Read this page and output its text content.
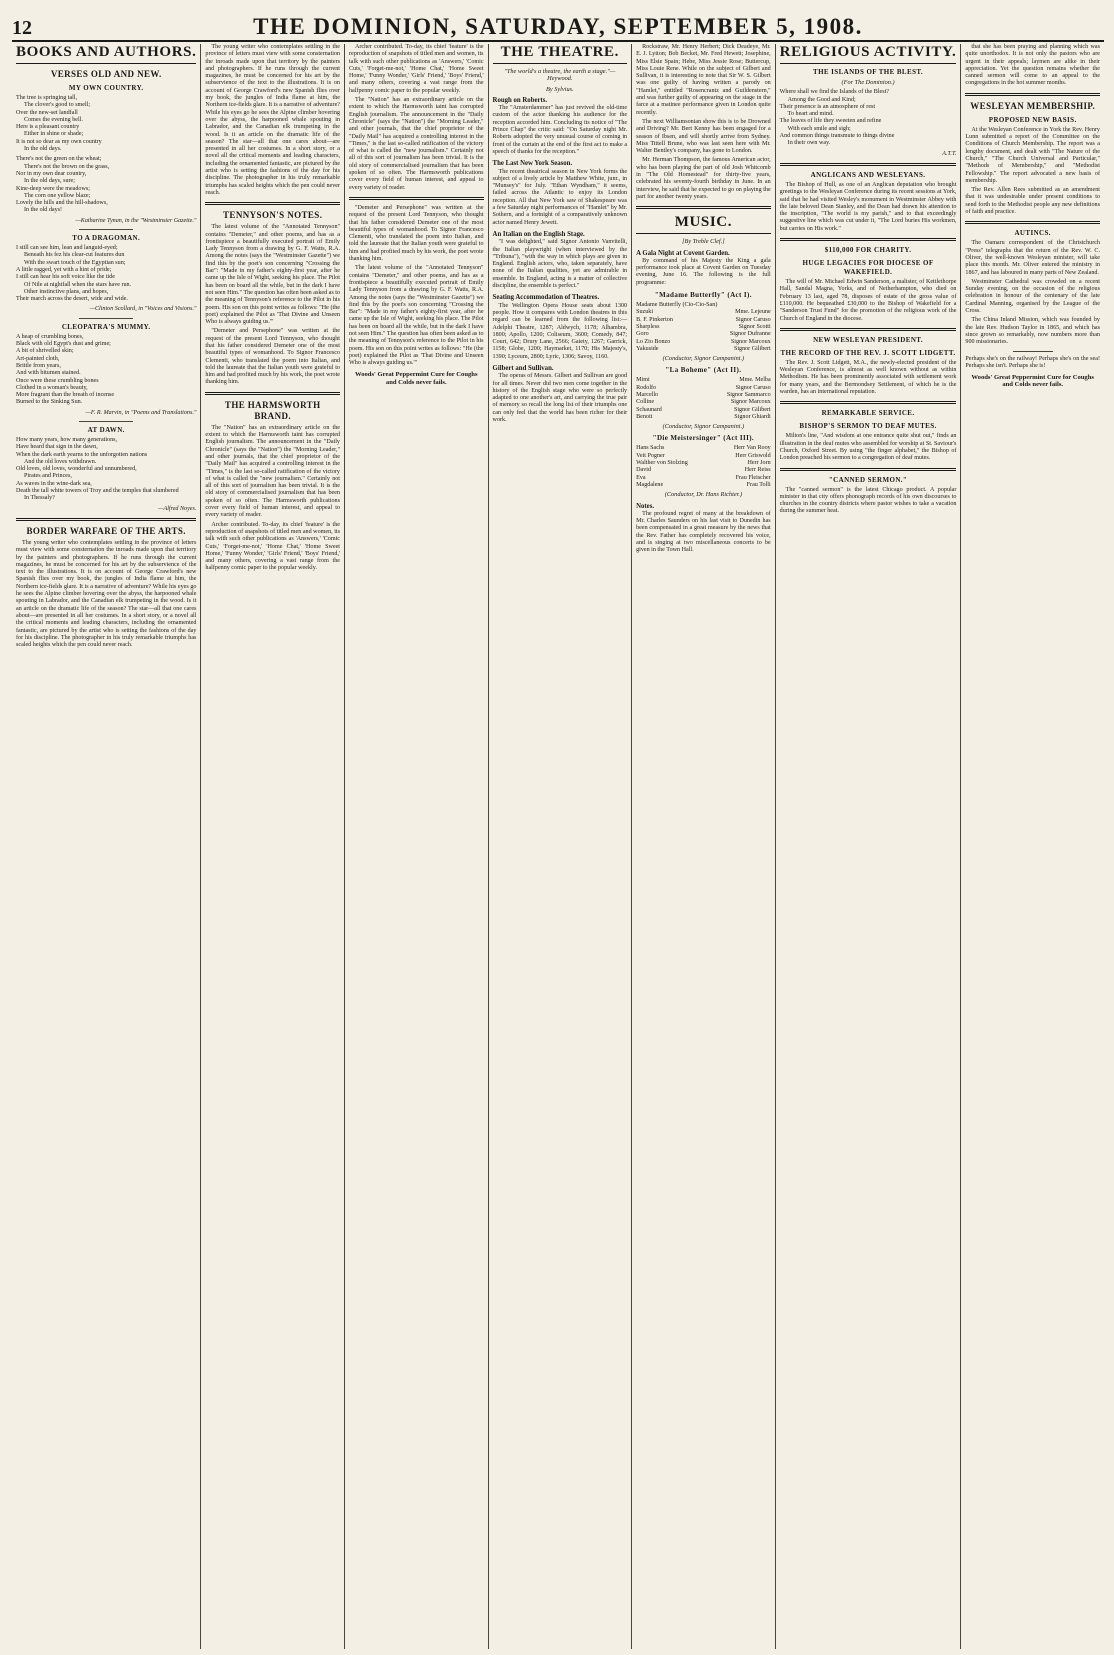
12	THE DOMINION, SATURDAY, SEPTEMBER 5, 1908.
BOOKS AND AUTHORS.
VERSES OLD AND NEW.
MY OWN COUNTRY.

The tree is springing tall,

The clover's good to smell;

Over the new-set landfall

Comes the evening bell.

Here is a pleasant country

Either in shine or shade;

It is not so dear as my own country

In the old days.

There's not the green on the wheat;

There's not the brown on the grass,

Nor in my own dear country,

In the old days, sure;

Kine-deep were the meadows;

The corn one yellow blaze;

Lovely the hills and the hill-shadows,

In the old days!

—Katharine Tynan, in the "Westminster Gazette."
TO A DRAGOMAN.

I still can see him, lean and languid-eyed;

Beneath his fez his clear-cut features dun

With the swart touch of the Egyptian sun;

A little ragged, yet with a hint of pride;

I still can hear his soft voice like the tide

Of Nile at nightfall when the stars have run.

Other instinctive plans, and hopes,

Their march across the desert, wide and wide.

—Clinton Scollard, in "Voices and Visions."
CLEOPATRA'S MUMMY.

A heap of crumbling bones,

Black with old Egypt's dust and grime;

A bit of shrivelled skin;

Art-painted cloth,

Brittle from years,

And with bitumen stained.

Once were these crumbling bones

Clothed in a woman's beauty,

More fragrant than the breath of incense

Burned to the Sinking Sun.

—F. R. Marvin, in "Poems and Translations."
AT DAWN.

How many years, how many generations,

Have heard that sign in the dawn,

When the dark earth yearns to the unforgotten nations

And the old loves withdrawn.

Old loves, old loves, wonderful and unnumbered,

Pirates and Princes,

As waves in the wine-dark sea,

Death the tall white towers of Troy and the temples that slumbered

In Thessaly?

—Alfred Noyes.
BORDER WARFARE OF THE ARTS.

The young writer who contemplates settling in the province of letters must view with some consternation the inroads made upon that territory by the painters and photographers. If he runs through the current magazines, he must be concerned for his art by the subservience of the text to the illustrations. It is on account of George Crawford's new Spanish flies over my book, the jungles of India flame at him, the Northern ice-fields glare. It is a narrative of adventure? While his eyes go he sees the Alpine climber hovering over the abyss, the harpooned whale spouting in Labrador, and the Canadian elk trumpeting in the wood. Is it an article on the dramatic life of the season? The star—all that one cares about—are presented in all her costumes. In a short story, or a novel all the critical moments and leading characters, including the ornamented fantastic, are pictured by the artist who is setting the fashions of the day for his discipline. The photographer in his truly remarkable triumphs has scaled heights which the pen could never reach.

The young writer who contemplates settling in the province of letters must view with some consternation the inroads made upon that territory by the painters and photographers. If he runs through the current magazines, he must be concerned for his art by the subservience of the text to the illustrations. It is on account of George Crawford's new Spanish flies over my book, the jungles of India flame at him, the Northern ice-fields glare. It is a narrative of adventure? While his eyes go he sees the Alpine climber hovering over the abyss, the harpooned whale spouting in Labrador, and the Canadian elk trumpeting in the wood. Is it an article on the dramatic life of the season? The star—all that one cares about—are presented in all her costumes. In a short story, or a novel all the critical moments and leading characters, including the ornamented fantastic, are pictured by the artist who is setting the fashions of the day for his discipline. The photographer in his truly remarkable triumphs has scaled heights which the pen could never reach.

TENNYSON'S NOTES.

The latest volume of the "Annotated Tennyson" contains "Demeter," and other poems, and has as a frontispiece a beautifully executed portrait of Emily Lady Tennyson from a drawing by G. F. Watts, R.A. Among the notes (says the "Westminster Gazette") we find this by the poet's son concerning "Crossing the Bar": "Made in my father's eighty-first year, after he came up the Isle of Wight, seeking his place. The Pilot has been on board all the while, but in the dark I have not seen Him." The question has often been asked as to the meaning of Tennyson's reference to the Pilot in his poem. His son on this point writes as follows: "He (the poet) explained the Pilot as 'That Divine and Unseen Who is always guiding us.'"

"Demeter and Persephone" was written at the request of the present Lord Tennyson, who thought that his father considered Demeter one of the most beautiful types of womanhood. To Signor Francesco Clementi, who translated the poem into Italian, and told the laureate that the Italian youth were grateful to him and had profited much by his work, the poet wrote thanking him.

THE HARMSWORTH BRAND.

The "Nation" has an extraordinary article on the extent to which the Harmsworth taint has corrupted English journalism. The announcement in the "Daily Chronicle" (says the "Nation") the "Morning Leader," and other journals, that the chief proprietor of the "Daily Mail" has acquired a controlling interest in the "Times," is the last so-called ratification of the victory of what is called the "new journalism." Certainly not all of this sort of journalism has been trivial. It is the old story of commercialised journalism that has been spoken of so often. The Harmsworth publications cover every field of human interest, and appeal to every variety of reader.

Archer contributed. To-day, its chief 'feature' is the reproduction of snapshots of titled men and women, its talk with such other publications as 'Answers,' 'Comic Cuts,' 'Forget-me-not,' 'Home Chat,' 'Home Sweet Home,' 'Funny Wonder,' 'Girls' Friend,' 'Boys' Friend,' and many others, covering a vast range from the halfpenny comic paper to the popular weekly.

Archer contributed. To-day, its chief 'feature' is the reproduction of snapshots of titled men and women, its talk with such other publications as 'Answers,' 'Comic Cuts,' 'Forget-me-not,' 'Home Chat,' 'Home Sweet Home,' 'Funny Wonder,' 'Girls' Friend,' 'Boys' Friend,' and many others, covering a vast range from the halfpenny comic paper to the popular weekly.

The "Nation" has an extraordinary article on the extent to which the Harmsworth taint has corrupted English journalism. The announcement in the "Daily Chronicle" (says the "Nation") the "Morning Leader," and other journals, that the chief proprietor of the "Daily Mail" has acquired a controlling interest in the "Times," is the last so-called ratification of the victory of what is called the "new journalism." Certainly not all of this sort of journalism has been trivial. It is the old story of commercialised journalism that has been spoken of so often. The Harmsworth publications cover every field of human interest, and appeal to every variety of reader.

"Demeter and Persephone" was written at the request of the present Lord Tennyson, who thought that his father considered Demeter one of the most beautiful types of womanhood. To Signor Francesco Clementi, who translated the poem into Italian, and told the laureate that the Italian youth were grateful to him and had profited much by his work, the poet wrote thanking him.

The latest volume of the "Annotated Tennyson" contains "Demeter," and other poems, and has as a frontispiece a beautifully executed portrait of Emily Lady Tennyson from a drawing by G. F. Watts, R.A. Among the notes (says the "Westminster Gazette") we find this by the poet's son concerning "Crossing the Bar": "Made in my father's eighty-first year, after he came up the Isle of Wight, seeking his place. The Pilot has been on board all the while, but in the dark I have not seen Him." The question has often been asked as to the meaning of Tennyson's reference to the Pilot in his poem. His son on this point writes as follows: "He (the poet) explained the Pilot as 'That Divine and Unseen Who is always guiding us.'"

Woods' Great Peppermint Cure for Coughs and Colds never fails.
THE THEATRE.
"The world's a theatre, the earth a stage."—Heywood.
By Sylvius.
Rough on Roberts.

The "Amsterdammer" has just revived the old-time custom of the actor thanking his audience for the reception accorded him. Concluding its notice of "The Prince Chap" the critic said: "On Saturday night Mr. Roberts adopted the very unusual course of coming in front of the curtain at the end of the first act to make a speech of thanks for the reception."

The Last New York Season.

The recent theatrical season in New York forms the subject of a lively article by Matthew White, junr., in "Munsey's" for July. "Ethan Wyndham," it seems, failed across the Atlantic to enjoy its London reception. All that New York saw of Shakespeare was a few Saturday night performances of "Hamlet" by Mr. Sothern, and a fortnight of a comparatively unknown actor named Henry Jewett.

An Italian on the English Stage.

"I was delighted," said Signor Antonio Vanvitelli, the Italian playwright (when interviewed by the "Tribuna"), "with the way in which plays are given in England. English actors, who, taken separately, have none of the Italian qualities, yet are admirable in ensemble. In England, acting is a matter of collective discipline, the ensemble is perfect."

Seating Accommodation of Theatres.

The Wellington Opera House seats about 1300 people. How it compares with London theatres in this regard can be learned from the following list:—Adelphi Theatre, 1287; Aldwych, 1178; Alhambra, 1800; Apollo, 1200; Coliseum, 3600; Comedy, 847; Court, 642; Drury Lane, 2566; Gaiety, 1267; Garrick, 1158; Globe, 1200; Haymarket, 1170; His Majesty's, 1390; Lyceum, 2800; Lyric, 1306; Savoy, 1160.

Gilbert and Sullivan.

The operas of Messrs. Gilbert and Sullivan are good for all times. Never did two men come together in the history of the English stage who were so perfectly adapted to one another's art, and carrying the true pair of memory so recall the long list of their triumphs one can only feel that the world has been richer for their work.

Rockstraw, Mr. Henry Herbert; Dick Deadeye, Mr. E. J. Lytton; Bob Becket, Mr. Fred Hewett; Josephine, Miss Elsie Spain; Hebe, Miss Jessie Rose; Buttercup, Miss Louie Rene. While on the subject of Gilbert and Sullivan, it is interesting to note that Sir W. S. Gilbert was one guilty of having written a parody on "Hamlet," entitled "Rosencrantz and Guildenstern," and was further guilty of appearing on the stage in the farce at a matinee performance given in London quite recently.

The next Williamsonian show this is to be Drowned and Driving? Mr. Bert Kenny has been engaged for a season of Ibsen, and will shortly arrive from Sydney. Miss Tittell Brune, who was last seen here with Mr. Walter Bentley's company, has gone to London.

Mr. Herman Thompson, the famous American actor, who has been playing the part of old Josh Whitcomb in "The Old Homestead" for thirty-five years, celebrated his seventy-fourth birthday in June. In an interview, he said that he expected to go on playing the part for another twenty years.

MUSIC.
[By Treble Clef.]
A Gala Night at Covent Garden.

By command of his Majesty the King a gala performance took place at Covent Garden on Tuesday evening, June 16. The following is the full programme:

"Madame Butterfly" (Act I).
Madame Butterfly (Cio-Cio-San)
Suzuki	Mme. Lejeune
B. F. Pinkerton	Signor Caruso
Sharpless	Signor Scotti
Goro	Signor Dufranne
Lo Zio Bonzo	Signor Marcoux
Yakuside	Signor Gilibert
(Conductor, Signor Campanini.)
"La Boheme" (Act II).
Mimi	Mme. Melba
Rodolfo	Signor Caruso
Marcello	Signor Sammarco
Colline	Signor Marcoux
Schaunard	Signor Gilibert
Benoit	Signor Ghiardi
(Conductor, Signor Campanini.)
"Die Meistersinger" (Act III).
Hans Sachs	Herr Van Rooy
Veit Pogner	Herr Griswold
Walther von Stolzing	Herr Jorn
David	Herr Reiss
Eva	Frau Fleischer
Magdalene	Frau Tolli
(Conductor, Dr. Hans Richter.)
Notes.

The profound regret of many at the breakdown of Mr. Charles Saunders on his last visit to Dunedin has been compensated in a great measure by the news that the Rev. Father has completely recovered his voice, and is singing at two miscellaneous concerts to be given in the Town Hall.

RELIGIOUS ACTIVITY.
THE ISLANDS OF THE BLEST.
(For The Dominion.)

Where shall we find the Islands of the Blest?

Among the Good and Kind;

Their presence is an atmosphere of rest

To heart and mind.

The leaves of life they sweeten and refine

With each smile and sigh;

And common things transmute to things divine

In their own way.

A.T.T.
ANGLICANS AND WESLEYANS.

The Bishop of Hull, as one of an Anglican deputation who brought greetings to the Wesleyan Conference during its recent sessions at York, said that he had visited Wesley's monument in Westminster Abbey with the late beloved Dean Stanley, and the Dean had drawn his attention to the inscription, "The world is my parish," and to that exceedingly suggestive line which was cut under it, "The Lord buries His workmen, but carries on His work."

$110,000 FOR CHARITY.
HUGE LEGACIES FOR DIOCESE OF WAKEFIELD.

The will of Mr. Michael Edwin Sanderson, a maltster, of Kettlethorpe Hall, Sandal Magna, Yorks, and of Netherhampton, who died on February 13 last, aged 78, disposes of estate of the gross value of £110,000. He bequeathed £30,000 to the Bishop of Wakefield for a "Sanderson Trust Fund" for the promotion of the religious work of the Church of England in the diocese.

NEW WESLEYAN PRESIDENT.
THE RECORD OF THE REV. J. SCOTT LIDGETT.

The Rev. J. Scott Lidgett, M.A., the newly-elected president of the Wesleyan Conference, is almost as well known without as within Methodism. He has been prominently associated with settlement work for many years, and the Bermondsey Settlement, of which he is the warden, has an international reputation.

REMARKABLE SERVICE.
BISHOP'S SERMON TO DEAF MUTES.

Milton's line, "And wisdom at one entrance quite shut out," finds an illustration in the deaf mutes who assembled for worship at St. Saviour's Church, Oxford Street. By using "the finger alphabet," the Bishop of London preached his sermon to a congregation of deaf mutes.

"CANNED SERMON."

The "canned sermon" is the latest Chicago product. A popular minister in that city offers phonograph records of his own discourses to churches in the country districts where pastor wishes to take a vacation during the summer heat.

that she has been praying and planning which was quite unorthodox. It is not only the pastors who are urgent in their appeals; laymen are alike in their appreciation. Yet the question remains whether the canned sermon will come to an appeal to the congregations in the hot summer months.

WESLEYAN MEMBERSHIP.
PROPOSED NEW BASIS.

At the Wesleyan Conference in York the Rev. Henry Lunn submitted a report of the Committee on the Conditions of Church Membership. The report was a lengthy document, and dealt with "The Nature of the Church," "The Church Universal and Particular," "Methods of Membership," and "Methodist Fellowship." The report advocated a new basis of membership.

The Rev. Allen Rees submitted as an amendment that it was undesirable under present conditions to send forth to the Methodist people any new definitions of faith and practice.

AUTINCS.

The Oamaru correspondent of the Christchurch "Press" telegraphs that the return of the Rev. W. C. Oliver, the well-known Wesleyan minister, will take place this month. Mr. Oliver entered the ministry in 1867, and has laboured in many parts of New Zealand.

Westminster Cathedral was crowded on a recent Sunday evening, on the occasion of the religious celebration in honour of the centenary of the late Cardinal Manning, organised by the League of the Cross.

The China Inland Mission, which was founded by the late Rev. Hudson Taylor in 1865, and which has since grown so remarkably, now numbers more than 900 missionaries.

Perhaps she's on the railway! Perhaps she's on the sea! Perhaps she isn't. Perhaps she is!
Woods' Great Peppermint Cure for Coughs and Colds never fails.
